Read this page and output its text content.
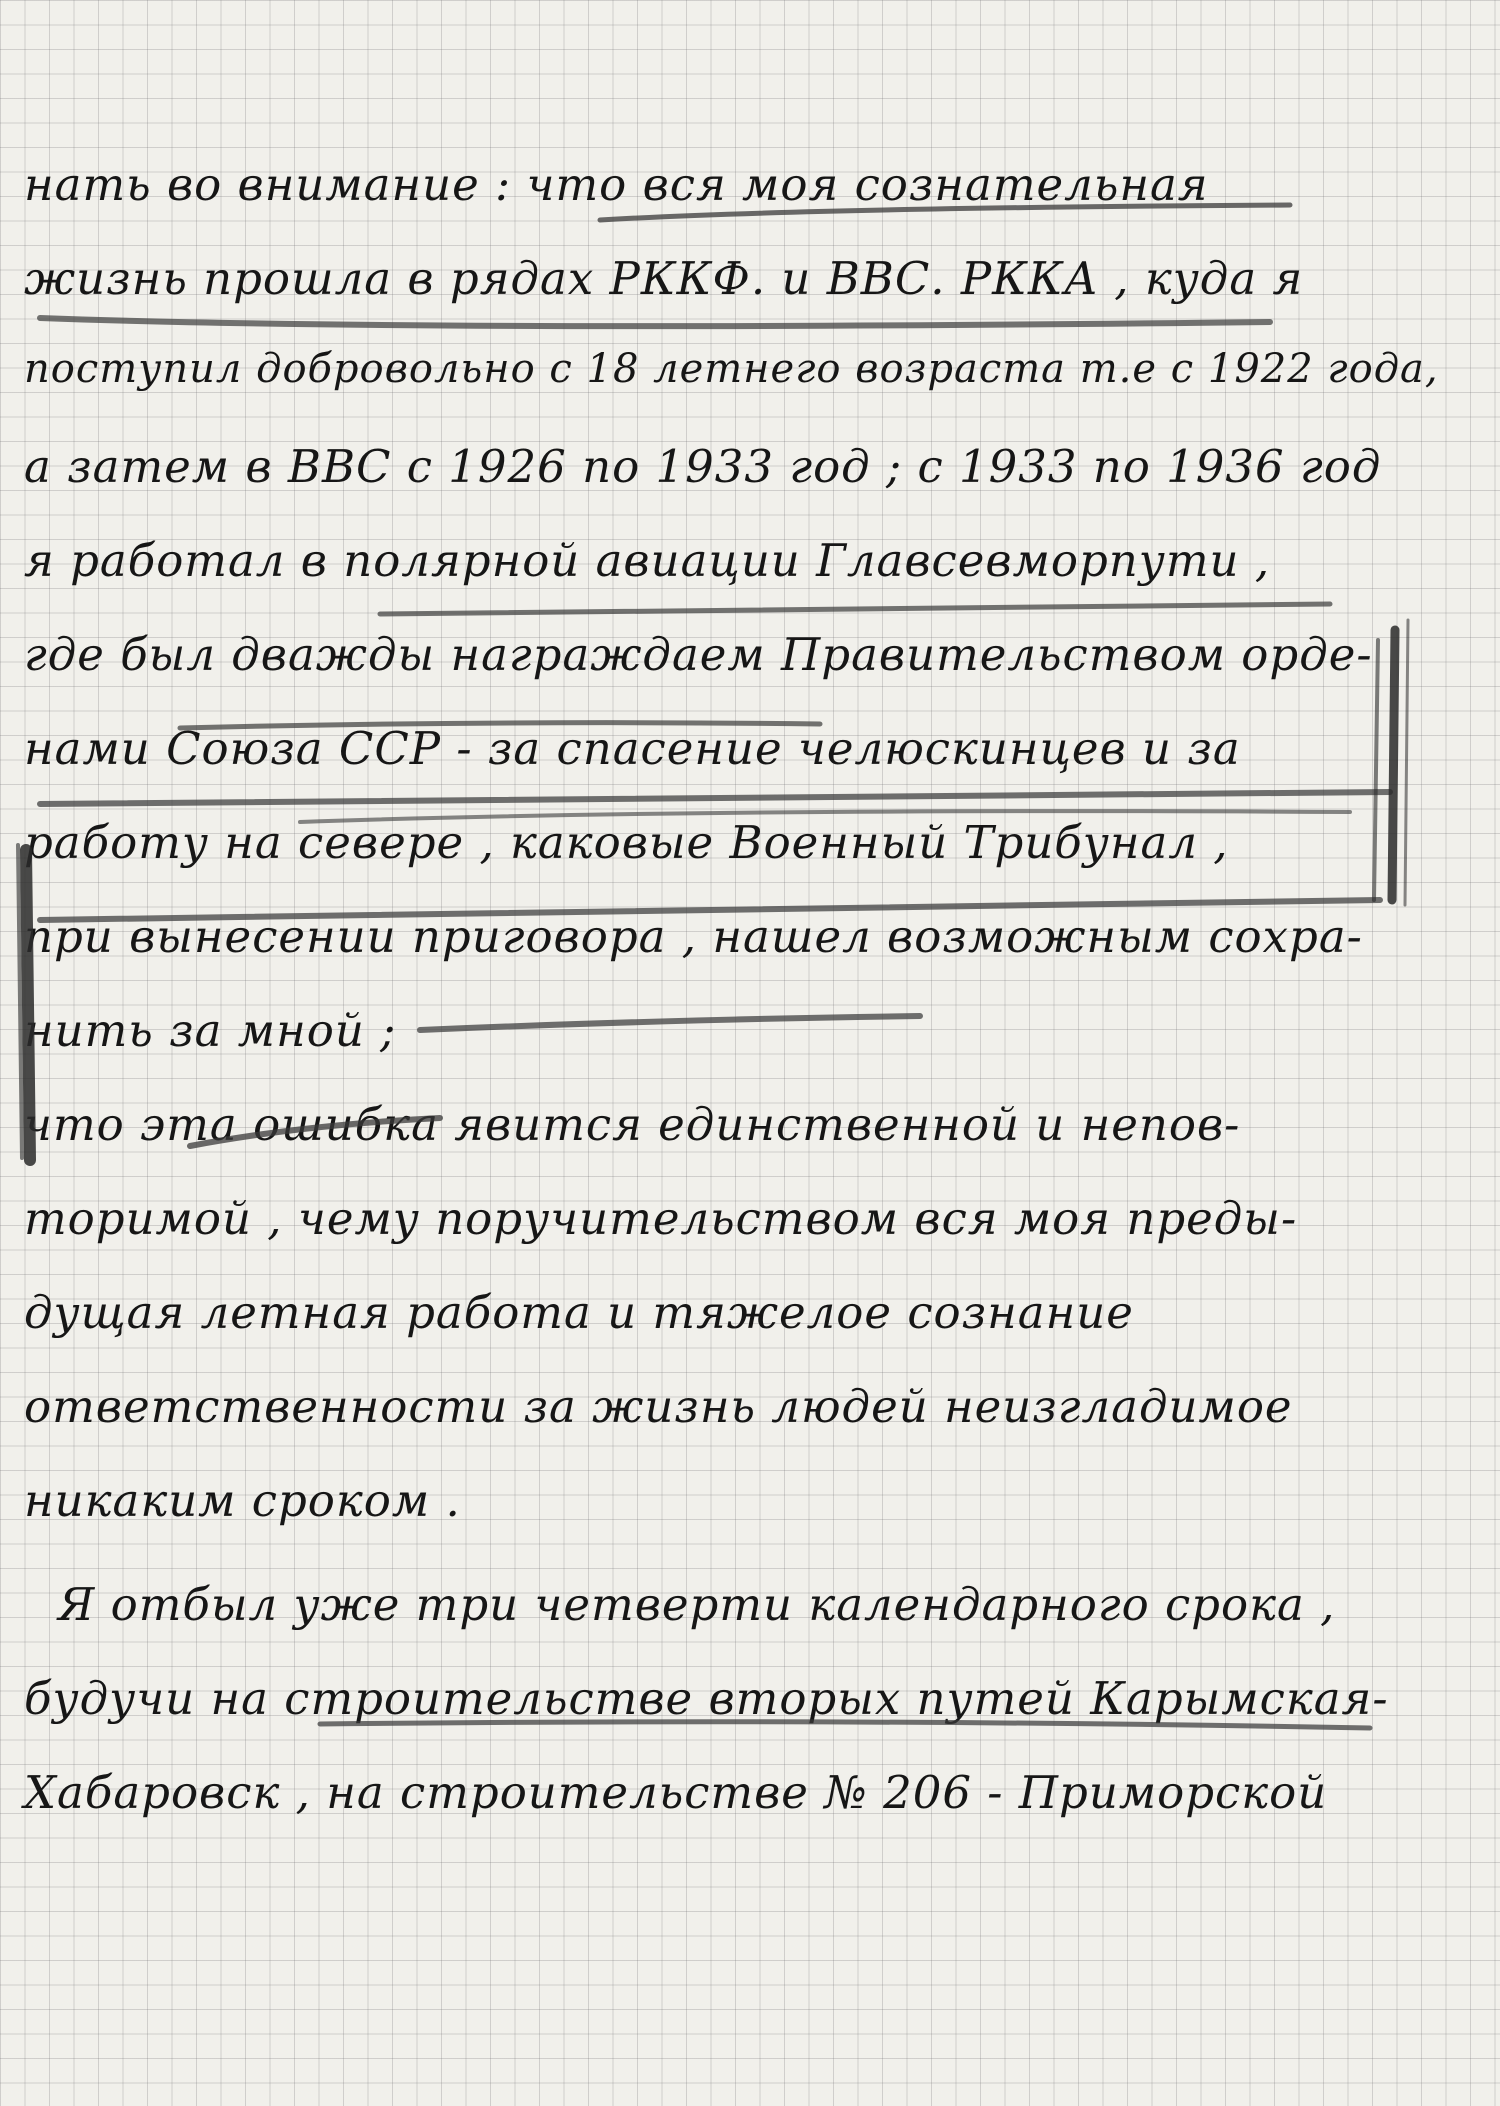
нать во внимание : что вся моя сознательная
жизнь прошла в рядах РККФ. и ВВС. РККА , куда я
поступил добровольно с 18 летнего возраста т.е с 1922 года,
а затем в ВВС с 1926 по 1933 год ; с 1933 по 1936 год
я работал в полярной авиации Главсевморпути ,
где был дважды награждаем Правительством орде-
нами Союза ССР - за спасение челюскинцев и за
работу на севере , каковые Военный Трибунал ,
при вынесении приговора , нашел возможным сохра-
нить за мной ;
что эта ошибка явится единственной и непов-
торимой , чему поручительством вся моя преды-
дущая летная работа и тяжелое сознание
ответственности за жизнь людей неизгладимое
никаким сроком .
Я отбыл уже три четверти календарного срока ,
будучи на строительстве вторых путей Карымская-
Хабаровск , на строительстве № 206 - Приморской
